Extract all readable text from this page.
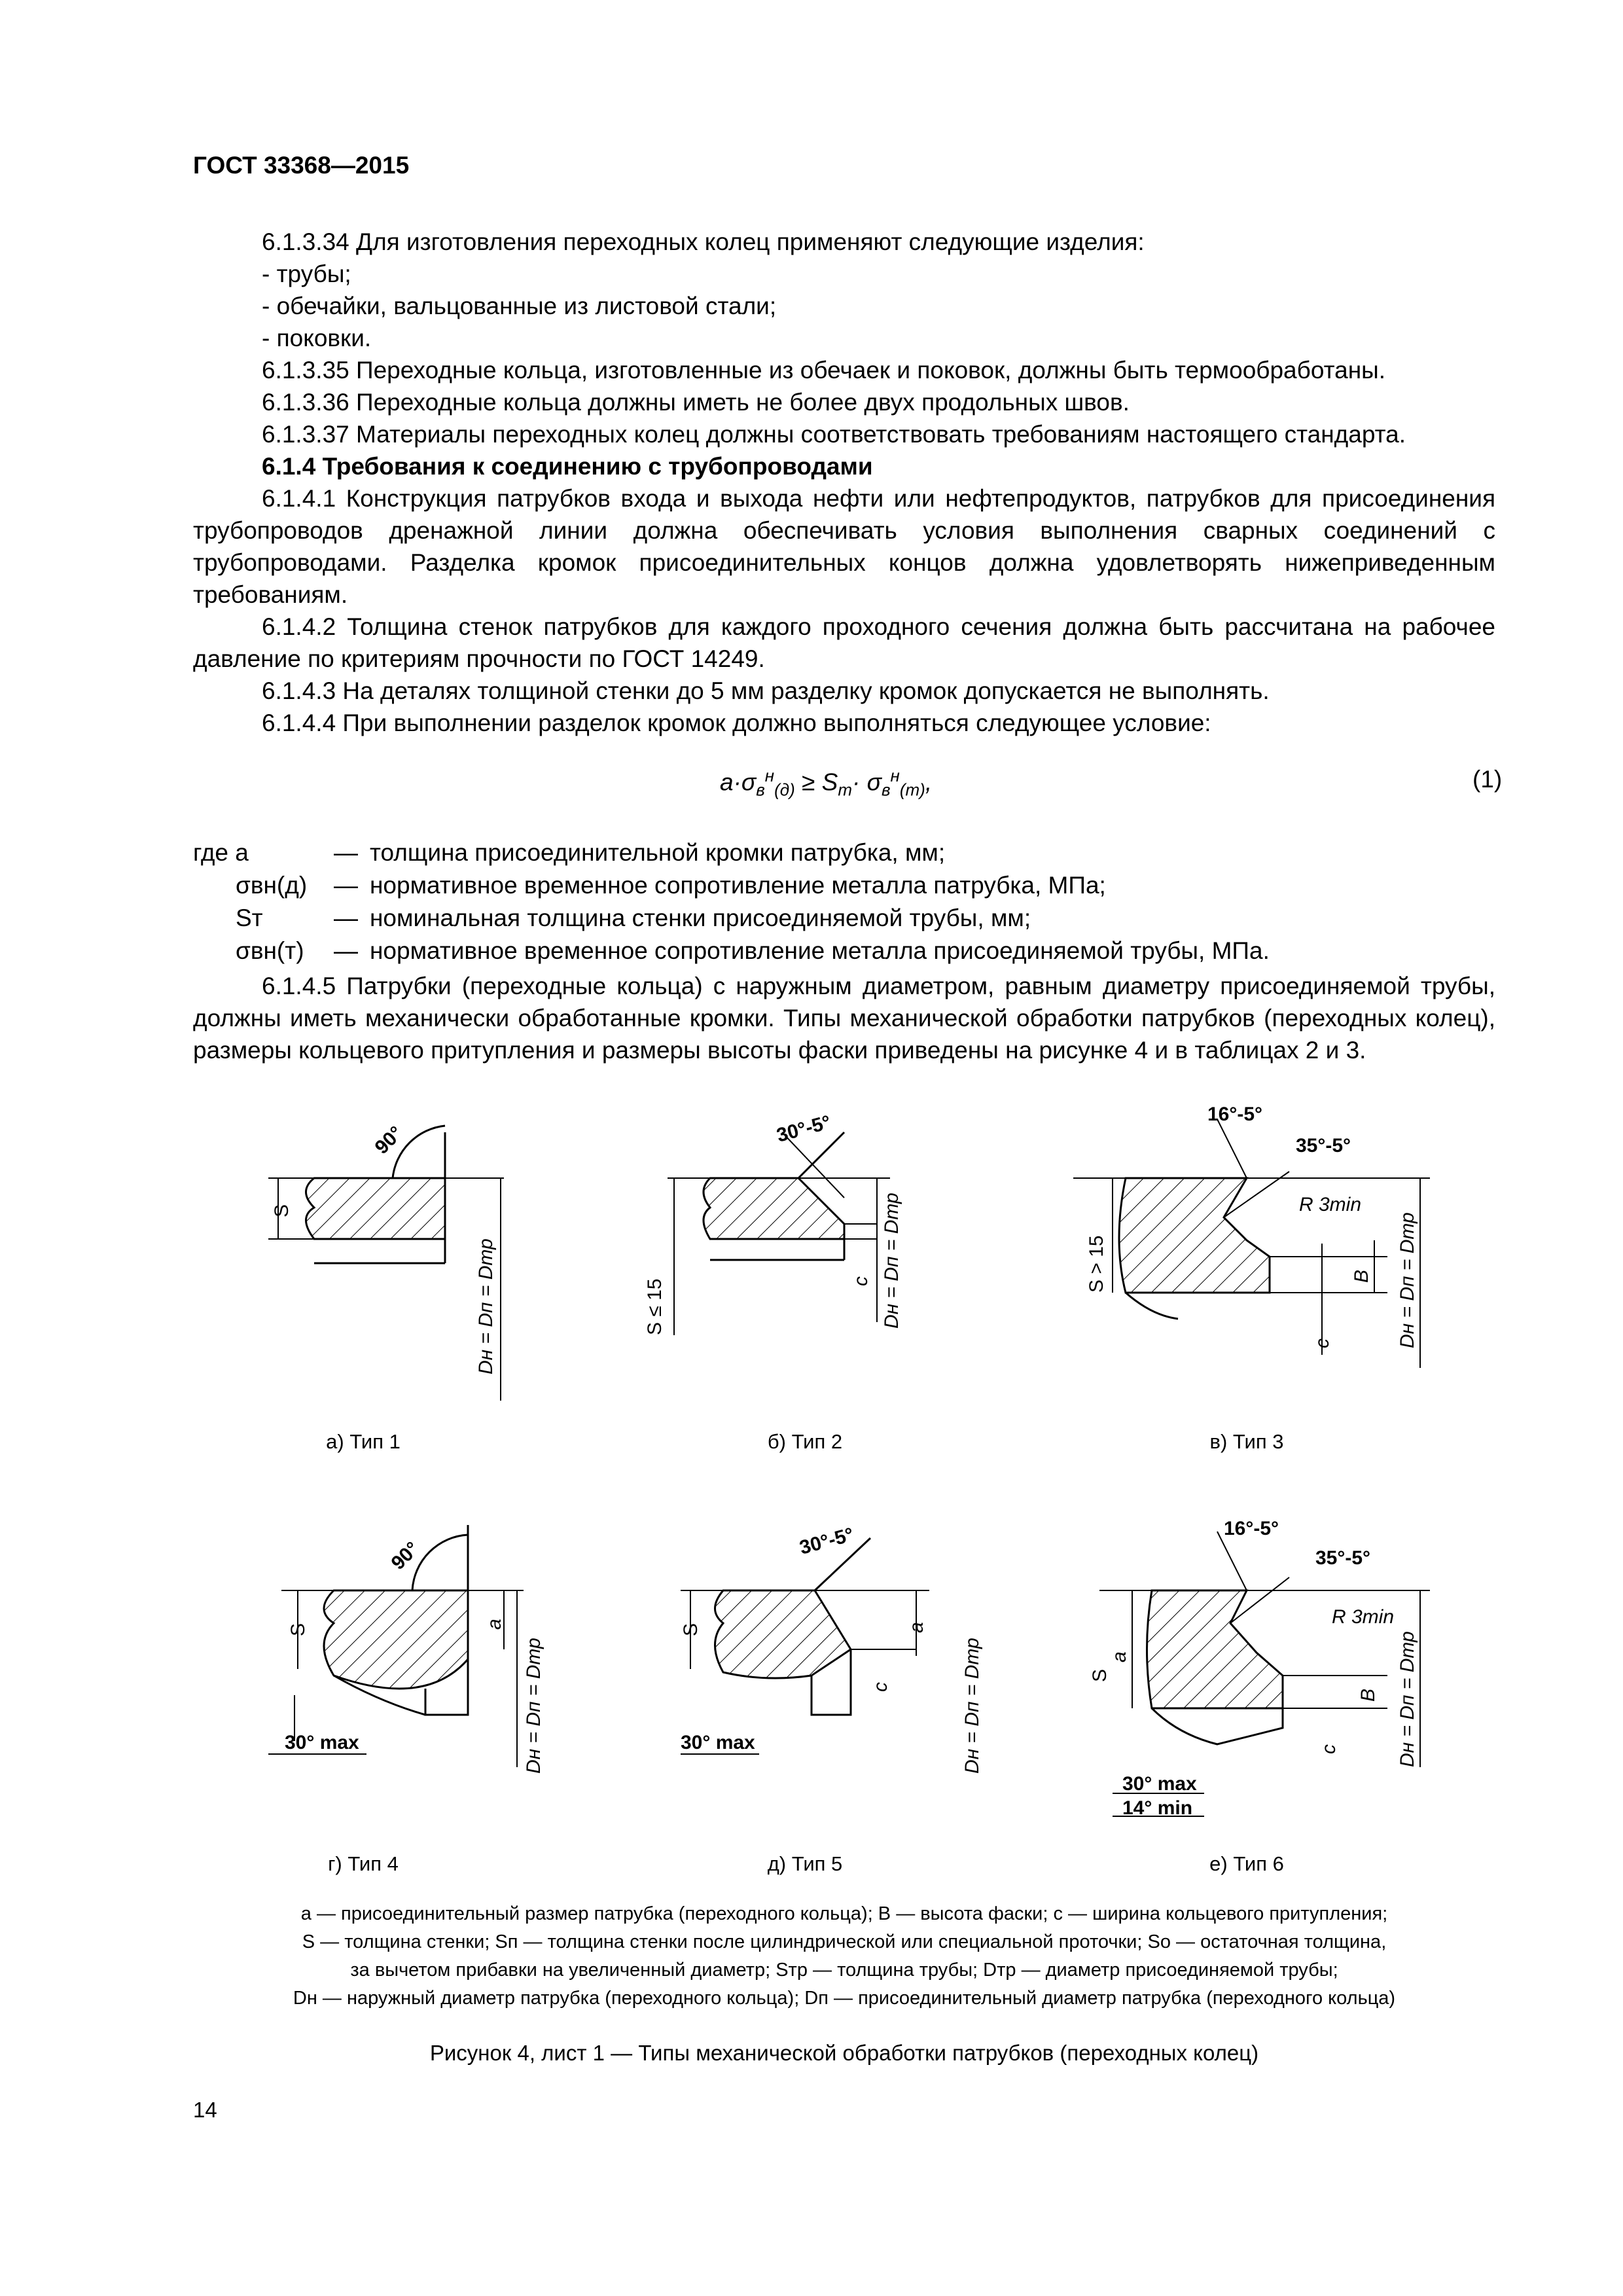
ГОСТ 33368—2015
6.1.3.34 Для изготовления переходных колец применяют следующие изделия:
- трубы;
- обечайки, вальцованные из листовой стали;
- поковки.
6.1.3.35 Переходные кольца, изготовленные из обечаек и поковок, должны быть термообработаны.
6.1.3.36 Переходные кольца должны иметь не более двух продольных швов.
6.1.3.37 Материалы переходных колец должны соответствовать требованиям настоящего стандарта.
6.1.4 Требования к соединению с трубопроводами
6.1.4.1 Конструкция патрубков входа и выхода нефти или нефтепродуктов, патрубков для присоединения трубопроводов дренажной линии должна обеспечивать условия выполнения сварных соединений с трубопроводами. Разделка кромок присоединительных концов должна удовлетворять нижеприведенным требованиям.
6.1.4.2 Толщина стенок патрубков для каждого проходного сечения должна быть рассчитана на рабочее давление по критериям прочности по ГОСТ 14249.
6.1.4.3 На деталях толщиной стенки до 5 мм разделку кромок допускается не выполнять.
6.1.4.4 При выполнении разделок кромок должно выполняться следующее условие:
$a\cdot\sigma_в^н_{(д)} \ge S_т\cdot \sigma_в^н_{(т)}$,	(1)
где a	— толщина присоединительной кромки патрубка, мм;
σвн(д)	— нормативное временное сопротивление металла патрубка, МПа;
Sт	— номинальная толщина стенки присоединяемой трубы, мм;
σвн(т)	— нормативное временное сопротивление металла присоединяемой трубы, МПа.
6.1.4.5 Патрубки (переходные кольца) с наружным диаметром, равным диаметру присоединяемой трубы, должны иметь механически обработанные кромки. Типы механической обработки патрубков (переходных колец), размеры кольцевого притупления и размеры высоты фаски приведены на рисунке 4 и в таблицах 2 и 3.
S
90°
Dн = Dп = Dтр	S ≤ 15
30°-5°
c Dн = Dп = Dтр	S > 15
16°-5°
35°-5°
R 3min
B
c	Dн = Dп = Dтр
S
90°
a
Dн = Dп = Dтр
30° max
S
30°-5°
a
c	Dн = Dп = Dтр
30° max
S
a
16°-5°
35°-5°
R 3min
B
c	Dн = Dп = Dтр
30° max
14° min
а) Тип 1	б) Тип 2	в) Тип 3
г) Тип 4	д) Тип 5	е) Тип 6
a — присоединительный размер патрубка (переходного кольца); B — высота фаски; c — ширина кольцевого притупления;
S — толщина стенки; Sп — толщина стенки после цилиндрической или специальной проточки; Sо — остаточная толщина,
за вычетом прибавки на увеличенный диаметр; Sтр — толщина трубы; Dтр — диаметр присоединяемой трубы;
Dн — наружный диаметр патрубка (переходного кольца); Dп — присоединительный диаметр патрубка (переходного кольца)
Рисунок 4, лист 1 — Типы механической обработки патрубков (переходных колец)
14
